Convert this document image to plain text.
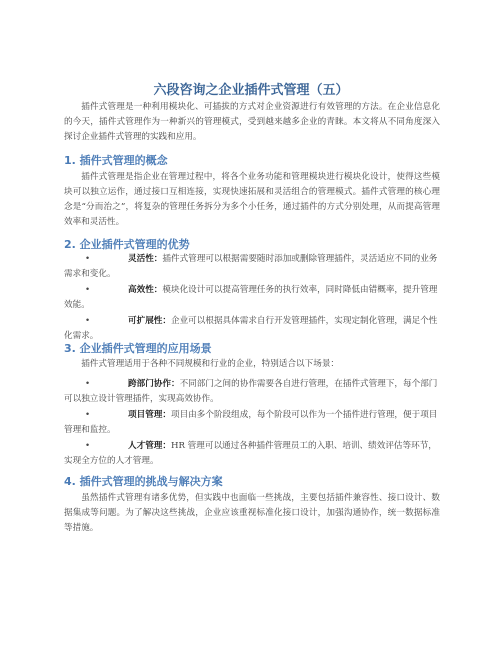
六段咨询之企业插件式管理（五）

插件式管理是一种利用模块化、可插拔的方式对企业资源进行有效管理的方法。在企业信息化的今天，插件式管理作为一种新兴的管理模式，受到越来越多企业的青睐。本文将从不同角度深入探讨企业插件式管理的实践和应用。

1. 插件式管理的概念

插件式管理是指企业在管理过程中，将各个业务功能和管理模块进行模块化设计，使得这些模块可以独立运作，通过接口互相连接，实现快速拓展和灵活组合的管理模式。插件式管理的核心理念是“分而治之”，将复杂的管理任务拆分为多个小任务，通过插件的方式分别处理，从而提高管理效率和灵活性。

2. 企业插件式管理的优势
•	灵活性：插件式管理可以根据需要随时添加或删除管理插件，灵活适应不同的业务需求和变化。
•	高效性：模块化设计可以提高管理任务的执行效率，同时降低由错概率，提升管理效能。
•	可扩展性：企业可以根据具体需求自行开发管理插件，实现定制化管理，满足个性化需求。
3. 企业插件式管理的应用场景

插件式管理适用于各种不同规模和行业的企业，特别适合以下场景：

•	跨部门协作：不同部门之间的协作需要各自进行管理，在插件式管理下，每个部门可以独立设计管理插件，实现高效协作。
•	项目管理：项目由多个阶段组成，每个阶段可以作为一个插件进行管理，便于项目管理和监控。
•	人才管理：HR 管理可以通过各种插件管理员工的入职、培训、绩效评估等环节，实现全方位的人才管理。
4. 插件式管理的挑战与解决方案

虽然插件式管理有诸多优势，但实践中也面临一些挑战，主要包括插件兼容性、接口设计、数据集成等问题。为了解决这些挑战，企业应该重视标准化接口设计，加强沟通协作，统一数据标准等措施。
